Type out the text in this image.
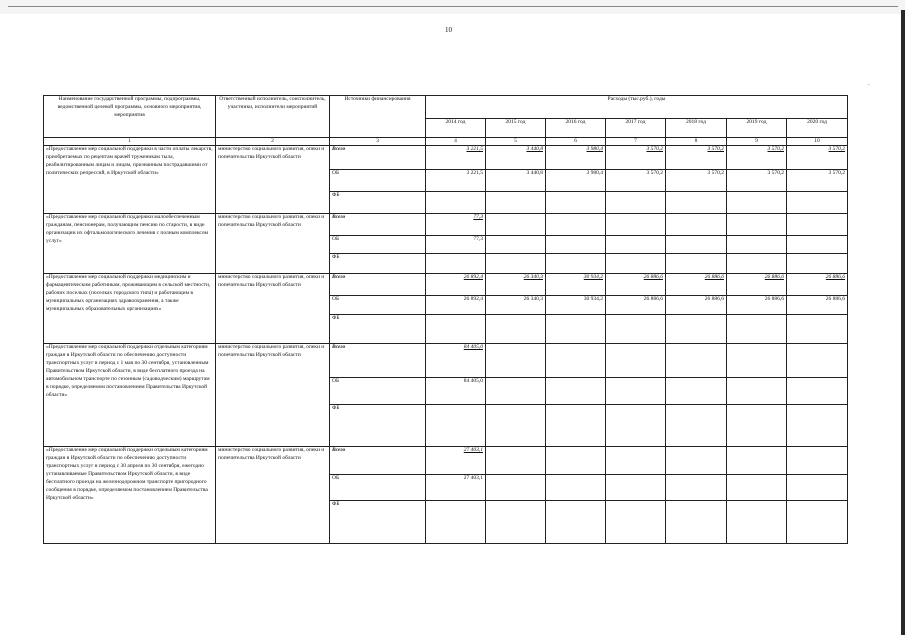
10
.
Наименование государственной программы, подпрограммы, ведомственной целевой программы, основного мероприятия, мероприятия	Ответственный исполнитель, соисполнитель, участники, исполнители мероприятий	Источники финансирования	Расходы (тыс.руб.), годы						
			2014 год	2015 год	2016 год	2017 год	2018 год	2019 год	2020 год
1	2	3	4	5	6	7	8	9	10
«Предоставление мер социальной поддержки в части оплаты лекарств, приобретаемых по рецептам врачей труженикам тыла, реабилитированным лицам и лицам, признанным пострадавшими от политических репрессий, в Иркутской области»	министерство социального развития, опеки и попечительства Иркутской области	Всего	3 221,5	3 440,8	3 980,4	3 570,2	3 570,2	3 570,2	3 570,2
		ОБ	3 221,5	3 440,8	3 980,4	3 570,2	3 570,2	3 570,2	3 570,2
		ФБ							
«Предоставление мер социальной поддержки малообеспеченным гражданам, пенсионерам, получающим пенсию по старости, в виде организации их офтальмологического лечения с полным комплексом услуг»	министерство социального развития, опеки и попечительства Иркутской области	Всего	77,3						
		ОБ	77,3						
		ФБ							
«Предоставление мер социальной поддержки медицинским и фармацевтическим работникам, проживающим в сельской местности, рабочих поселках (поселках городского типа) и работающим в муниципальных организациях здравоохранения, а также муниципальных образовательных организациях»	министерство социального развития, опеки и попечительства Иркутской области	Всего	26 892,4	26 340,3	30 934,2	26 886,6	26 886,6	26 886,6	26 886,6
		ОБ	26 892,4	26 340,3	30 934,2	26 886,6	26 886,6	26 886,6	26 886,6
		ФБ							
«Предоставление мер социальной поддержки отдельным категориям граждан в Иркутской области по обеспечению доступности транспортных услуг в период с 1 мая по 30 сентября, установленным Правительством Иркутской области, в виде бесплатного проезда на автомобильном транспорте по сезонным (садоводческим) маршрутам в порядке, определяемом постановлением Правительства Иркутской области»	министерство социального развития, опеки и попечительства Иркутской области	Всего	84 405,0						
		ОБ	84 405,0						
		ФБ							
«Предоставление мер социальной поддержки отдельным категориям граждан в Иркутской области по обеспечению доступности транспортных услуг в период с 30 апреля по 30 сентября, ежегодно устанавливаемые Правительством Иркутской области, в виде бесплатного проезда на железнодорожном транспорте пригородного сообщения в порядке, определяемом постановлением Правительства Иркутской области»	министерство социального развития, опеки и попечительства Иркутской области	Всего	27 403,1						
		ОБ	27 403,1						
		ФБ							
